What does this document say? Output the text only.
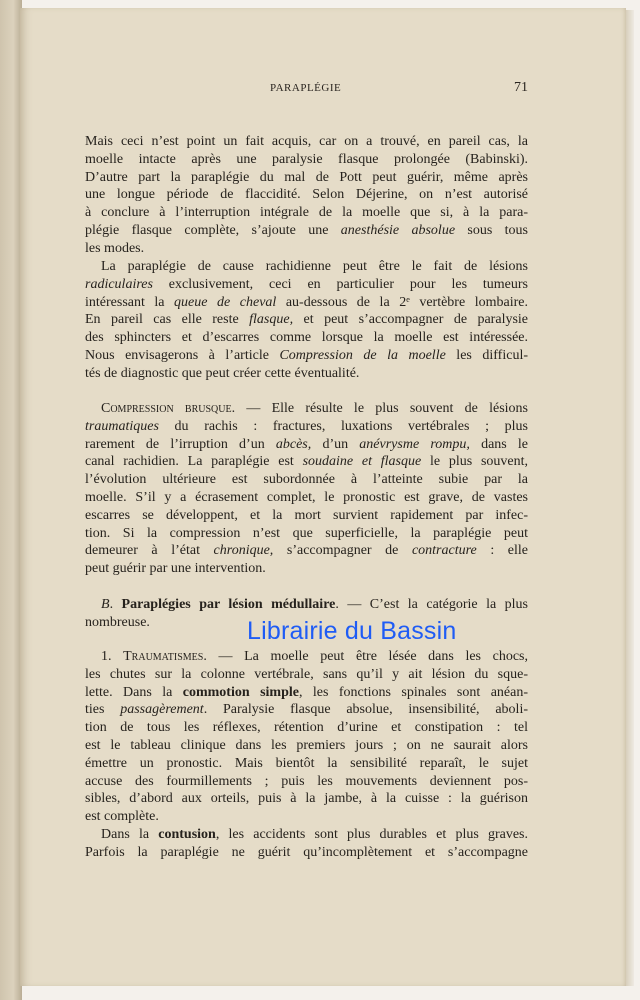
PARAPLÉGIE	71
Mais ceci n’est point un fait acquis, car on a trouvé, en pareil cas, la
moelle intacte après une paralysie flasque prolongée (Babinski).
D’autre part la paraplégie du mal de Pott peut guérir, même après
une longue période de flaccidité. Selon Déjerine, on n’est autorisé
à conclure à l’interruption intégrale de la moelle que si, à la para-
plégie flasque complète, s’ajoute une anesthésie absolue sous tous
les modes.
La paraplégie de cause rachidienne peut être le fait de lésions
radiculaires exclusivement, ceci en particulier pour les tumeurs
intéressant la queue de cheval au-dessous de la 2ᵉ vertèbre lombaire.
En pareil cas elle reste flasque, et peut s’accompagner de paralysie
des sphincters et d’escarres comme lorsque la moelle est intéressée.
Nous envisagerons à l’article Compression de la moelle les difficul-
tés de diagnostic que peut créer cette éventualité.
Compression brusque. — Elle résulte le plus souvent de lésions
traumatiques du rachis : fractures, luxations vertébrales ; plus
rarement de l’irruption d’un abcès, d’un anévrysme rompu, dans le
canal rachidien. La paraplégie est soudaine et flasque le plus souvent,
l’évolution ultérieure est subordonnée à l’atteinte subie par la
moelle. S’il y a écrasement complet, le pronostic est grave, de vastes
escarres se développent, et la mort survient rapidement par infec-
tion. Si la compression n’est que superficielle, la paraplégie peut
demeurer à l’état chronique, s’accompagner de contracture : elle
peut guérir par une intervention.
B. Paraplégies par lésion médullaire. — C’est la catégorie la plus
nombreuse.
1. Traumatismes. — La moelle peut être lésée dans les chocs,
les chutes sur la colonne vertébrale, sans qu’il y ait lésion du sque-
lette. Dans la commotion simple, les fonctions spinales sont anéan-
ties passagèrement. Paralysie flasque absolue, insensibilité, aboli-
tion de tous les réflexes, rétention d’urine et constipation : tel
est le tableau clinique dans les premiers jours ; on ne saurait alors
émettre un pronostic. Mais bientôt la sensibilité reparaît, le sujet
accuse des fourmillements ; puis les mouvements deviennent pos-
sibles, d’abord aux orteils, puis à la jambe, à la cuisse : la guérison
est complète.
Dans la contusion, les accidents sont plus durables et plus graves.
Parfois la paraplégie ne guérit qu’incomplètement et s’accompagne
Librairie du Bassin
